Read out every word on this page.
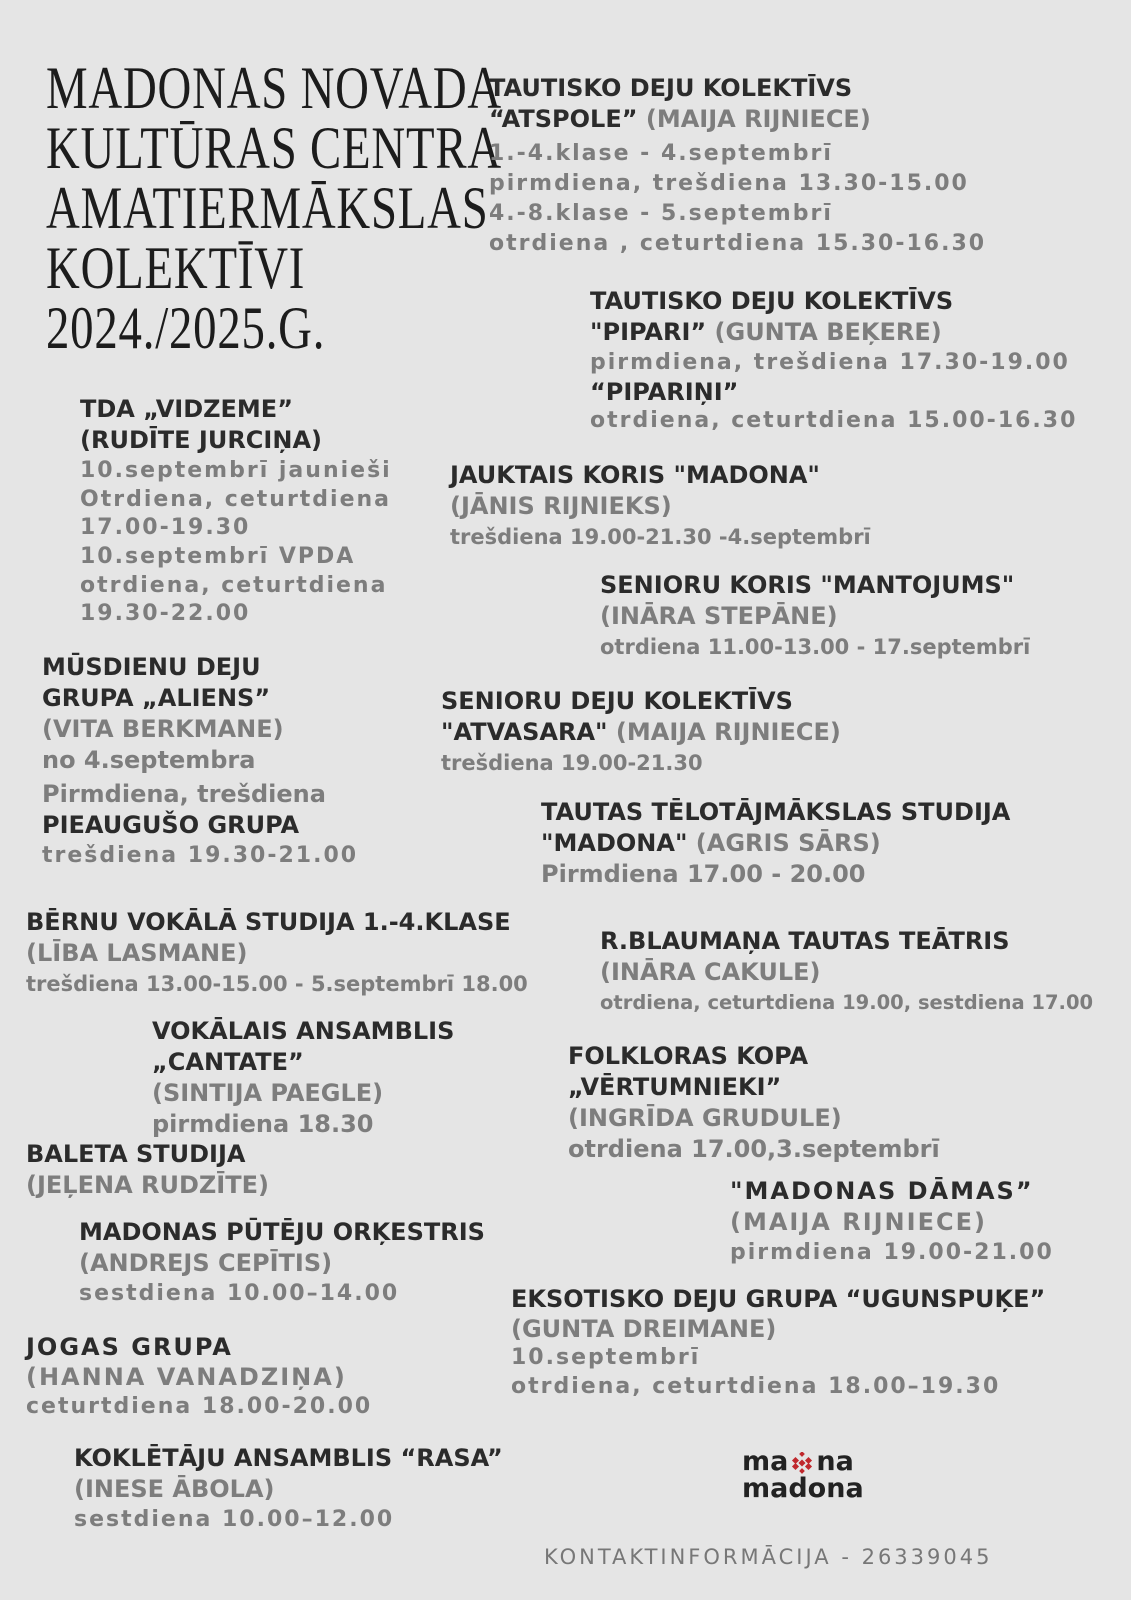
MADONAS NOVADA
KULTŪRAS CENTRA
AMATIERMĀKSLAS
KOLEKTĪVI
2024./2025.G.
TAUTISKO DEJU KOLEKTĪVS
“ATSPOLE” (MAIJA RIJNIECE)
1.-4.klase - 4.septembrī
pirmdiena, trešdiena 13.30-15.00
4.-8.klase - 5.septembrī
otrdiena , ceturtdiena 15.30-16.30
TAUTISKO DEJU KOLEKTĪVS
"PIPARI” (GUNTA BEĶERE)
pirmdiena, trešdiena 17.30-19.00
“PIPARIŅI”
otrdiena, ceturtdiena 15.00-16.30
TDA „VIDZEME”
(RUDĪTE JURCIŅA)
10.septembrī jaunieši
Otrdiena, ceturtdiena
17.00-19.30
10.septembrī VPDA
otrdiena, ceturtdiena
19.30-22.00
JAUKTAIS KORIS "MADONA"
(JĀNIS RIJNIEKS)
trešdiena 19.00-21.30 -4.septembrī
SENIORU KORIS "MANTOJUMS"
(INĀRA STEPĀNE)
otrdiena 11.00-13.00 - 17.septembrī
MŪSDIENU DEJU
GRUPA „ALIENS”
(VITA BERKMANE)
no 4.septembra
Pirmdiena, trešdiena
PIEAUGUŠO GRUPA
trešdiena 19.30-21.00
SENIORU DEJU KOLEKTĪVS
"ATVASARA" (MAIJA RIJNIECE)
trešdiena 19.00-21.30
TAUTAS TĒLOTĀJMĀKSLAS STUDIJA
"MADONA" (AGRIS SĀRS)
Pirmdiena 17.00 - 20.00
BĒRNU VOKĀLĀ STUDIJA 1.-4.KLASE
(LĪBA LASMANE)
trešdiena 13.00-15.00 - 5.septembrī 18.00
R.BLAUMAŅA TAUTAS TEĀTRIS
(INĀRA CAKULE)
otrdiena, ceturtdiena 19.00, sestdiena 17.00
VOKĀLAIS ANSAMBLIS
„CANTATE”
(SINTIJA PAEGLE)
pirmdiena 18.30
FOLKLORAS KOPA
„VĒRTUMNIEKI”
(INGRĪDA GRUDULE)
otrdiena 17.00,3.septembrī
BALETA STUDIJA
(JEĻENA RUDZĪTE)	"MADONAS DĀMAS”
(MAIJA RIJNIECE)
pirmdiena 19.00-21.00
MADONAS PŪTĒJU ORĶESTRIS
(ANDREJS CEPĪTIS)
sestdiena 10.00–14.00	EKSOTISKO DEJU GRUPA “UGUNSPUĶE”
(GUNTA DREIMANE)
10.septembrī
otrdiena, ceturtdiena 18.00–19.30
JOGAS GRUPA
(HANNA VANADZIŅA)
ceturtdiena 18.00-20.00
KOKLĒTĀJU ANSAMBLIS “RASA”
(INESE ĀBOLA)
sestdiena 10.00–12.00
ma na
madona
KONTAKTINFORMĀCIJA - 26339045
